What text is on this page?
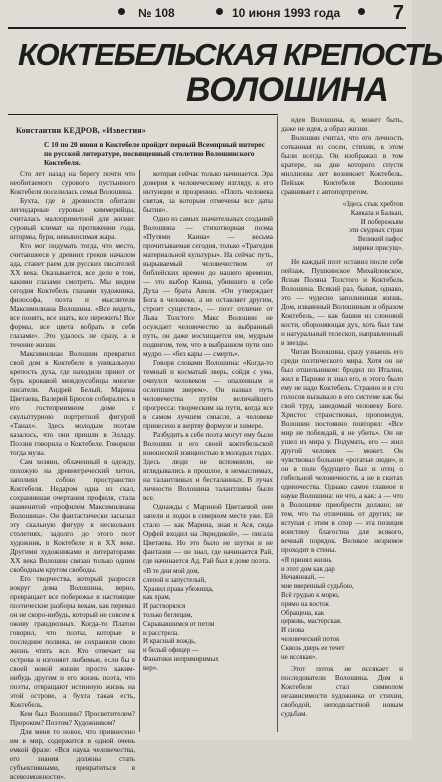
№ 108	10 июня 1993 года	7
КОКТЕБЕЛЬСКАЯ КРЕПОСТЬ
ВОЛОШИНА
Константин КЕДРОВ, «Известия»
С 10 по 20 июня в Коктебеле пройдет первый Всемирный интерес по русской литературе, посвященный столетию Волошинского Коктебеля.

Сто лет назад на берегу почти что необитаемого сурового пустынного Коктебеля поселилась семья Волошина.

Бухта, где в древности обитали легендарные суровые киммерийцы, считалась малоприметной для жизни: суровый климат на протяжении года, штормы, бури, невыносимая жара.

Кто мог подумать тогда, что место, считавшееся у древних греков началом ада, станет раем для русских писателей XX века. Оказывается, все дело в том, какими глазами смотреть. Мы видим сегодня Коктебель глазами художника, философа, поэта и мыслителя Максимилиана Волошина. «Все видеть, все понять, все знать, все пережить! Все формы, все цвета вобрать в себя глазами». Это удалось не сразу, а в течение жизни.

Максимилиан Волошин превратил свой дом в Коктебеле в уникальную крепость духа, где находили приют от бурь кровавой междоусобицы многие писатели. Андрей Белый, Марина Цветаева, Валерий Брюсов собирались в его гостеприимном доме с скульптурною портретной фигурой «Таиах». Здесь молодым поэтам казалось, что они пришли в Элладу. Поэзия говорила о Коктебеле. Говорили тогда музы.

Сам хозяин, облаченный в одежду, похожую на древнегреческий хитон, заполнял собою пространство Коктебеля. Недаром одна из скал, сохранившая очертания профиля, стала знаменитой «профилем Максимилиана Волошина». Он фантастически засылал эту скальную фигуру в нескольких столетиях, задолго до этого поэт художник, в Коктебеле и в XX веке. Другими художниками и литераторами XX века Волошин связан только одним свободным кругом свободы.

Его творчества, который разросся вокруг дома Волошина, верно, превращает все побережье в настоящие поэтические разборы векам, как перевал он не скоро-нибудь, который не совсем к оживу грандиозных. Когда-то Платон говорил, что поэты, которые в последние полвека, не сохраняли свою жизнь чтить все. Кто отвечает на острова и изгоняет любимые, если бы в своей новой жизни просто каким-нибудь другим и его жизнь поэта, что поэты, отвращают истинную жизнь на этой острове, а бухта такая есть, Коктебель.

Кем был Волошин? Просветителем? Пророком? Поэтом? Художником?

Для меня то новое, что привнесено им в мир, содержится в одной очень емкой фразе: «Вся наука человечества, его знания должны стать субъективными, превратиться в всевозможности».

которая сейчас только начинается. Эра доверия к человеческому взгляду, к его интуиции и прозрению. «Плоть человека святая, за которым отмечены все даты бытия».

Одно из самых значительных созданий Волошина — стихотворная поэма «Путями Каина» — весьма прочитываемая сегодня, только «Трагедия материальной культуры». На сейчас путь, вырываемый человечеством от библейских времен до нашего времени, — это выбор Каина, убившего в себе Духа — брата Авеля. «Он утверждает Бога в человеке, а не оставляет другим, строит существо», — поэт отличие от Льва Толстого Макс Волошин не осуждает человечество за выбранный путь, он даже восхищается им, мудрым подвигом, тем, что в выбранном пути оно мудро — «без кары — смерть».

Говоря словами Волошина: «Когда-то темный и косматый зверь, сойдя с ума, очнулся человеком — опаленным и ослепшим зверем». Он назвал путь человечества путём величайшего прогресса: творческим на пути, когда все в самом лучшем смысле, а человеке принесено в жертву формуле и химере.

Разбудить в себе поэта могут ему были Волошин и его своей коктебельской юношеской изящностью в молодых годах. Здесь люди не вспомнили, не вглядывались в прошлое, в немыслимых, на талантливых и бесталанных. В лучах личности Волошина талантливы были все.

Однажды с Мариной Цветаевой они запели и лодки в северном месте уже. Ей стало — как Марина, зная и Ася, сюда Орфей входил на Эвридикой», — писала Цветаева. Но это было не шутки и не фантазия — он знал, где начинается Рай, где начинается Ад. Рай был в доме поэта.

«В те дни мой дом,
слепой и запустелый,
Хранил права убежища,
как храм,
И растворялся
только беглецам,
Скрывавшимся от петли
и расстрела.
И красный вождь,
и белый офицер —
Фанатики непримиримых
вер».

идея Волошина, и, может быть, даже не идея, а образ жизни.

Волошин считал, что его личность сотканная из сосен, стихии, в этом были всегда. Он изображал в том кратере, на дне которого спустя миллионы лет возникнет Коктебель. Пейзаж Коктебеля Волошин сравнивает с автопортретом.

«Здесь стык хребтов
Кавказа и Балкан,
И побережьям
эти скудных стран
Великий пафос
лирики присущ».

Не каждый поэт оставил после себя пейзаж. Пушкинское Михайловское, Ясная Поляна Толстого и Коктебель Волошина. Всякий раз, бывая, однако, это — чудесно заполненная жизнь. Дом, изваянный Волошиным и образом Коктебель, — как башня из слоновой кости, обороняющая дух, хоть был там и натуральный телескоп, направленный в звезды.

Читая Волошина, сразу узнаешь его среди поэтического мира. Хотя он не был отшельником: бродил по Италии, жил в Париже и знал его, и этого было ему не надо Коктебель. Странно и в сто голосов вызывало в его системе как бы свой труд, заведомый человеку Боге. Христос странствовал, проповедуя, Волошин постоянно повторял: «Все мир не побеждай, я не убить». Он не ушел из мира у. Подумать, его — жил другой человек — может. Он чувствовал большие «рогатые люди», и он в поле будущего был и отец о гибельной человечности, а не в скитах одиночества. Однако самое главное в науке Волошина: не что, а как: а — что в Волошине приобрести должно; не тем, что ты отличишь от других; не вступая с этим в спор — эта позиция воистину благостна для всякого, вечный порядок. Великое незримое проходит в стены.

«Я принял жизнь
и этот дом как дар
Нечаянный, —
мне вверенный судьбою,
Всё грудью к морю,
прямо на восток
Обращена, как
церковь, мастерская.
И снова
человеческий поток
Сквозь дверь ее течет
не иссякая».

Этот поток не иссякает и последователи Волошина. Дом в Коктебеле стал символом независимости художника от стихии, свободой, неподвластной новым судьбам.
